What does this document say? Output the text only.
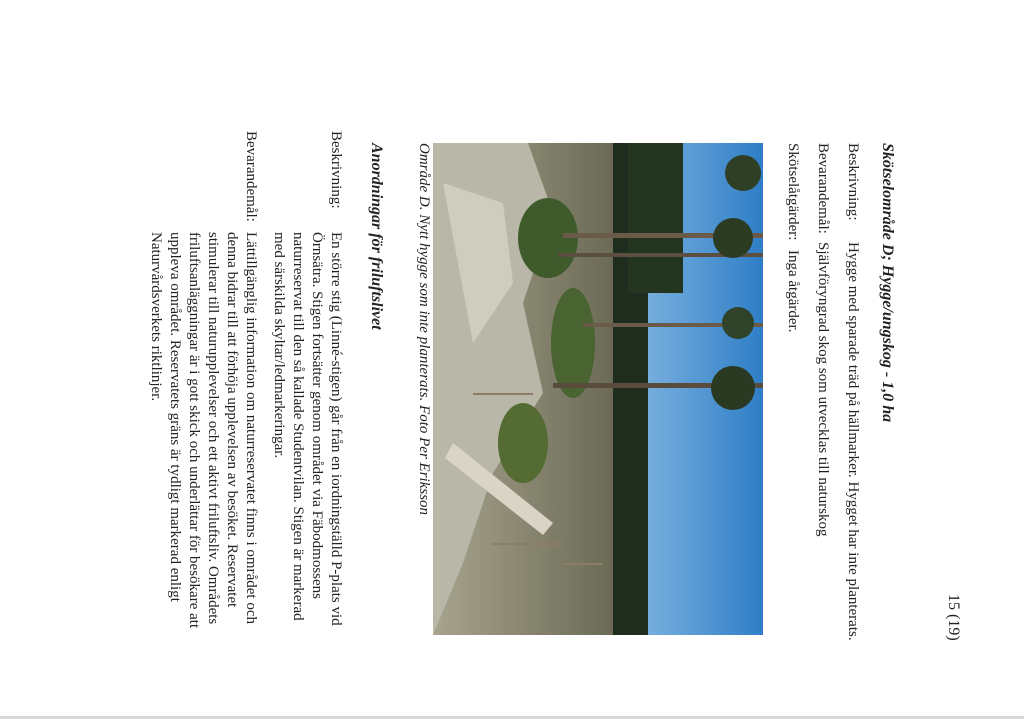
15 (19)
Skötselområde D; Hygge/ungskog - 1,0 ha
Beskrivning:
Hygge med sparade träd på hällmarker. Hygget har inte planterats.
Bevarandemål:
Självföryngrad skog som utvecklas till naturskog
Skötselåtgärder:
Inga åtgärder.
Område D. Nytt hygge som inte planterats. Foto Per Eriksson
Anordningar för friluftslivet
Beskrivning:
En större stig (Linné-stigen) går från en iordningställd P-plats vid
Örnsätra. Stigen fortsätter genom området via Fäbodmossens
naturreservat till den så kallade Studentvilan. Stigen är markerad
med särskilda skyltar/ledmarkeringar.
Bevarandemål:
Lättillgänglig information om naturreservatet finns i området och
denna bidrar till att förhöja upplevelsen av besöket. Reservatet
stimulerar till naturupplevelser och ett aktivt friluftsliv. Områdets
friluftsanläggningar är i gott skick och underlättar för besökare att
uppleva området. Reservatets gräns är tydligt markerad enligt
Naturvårdsverkets riktlinjer.
